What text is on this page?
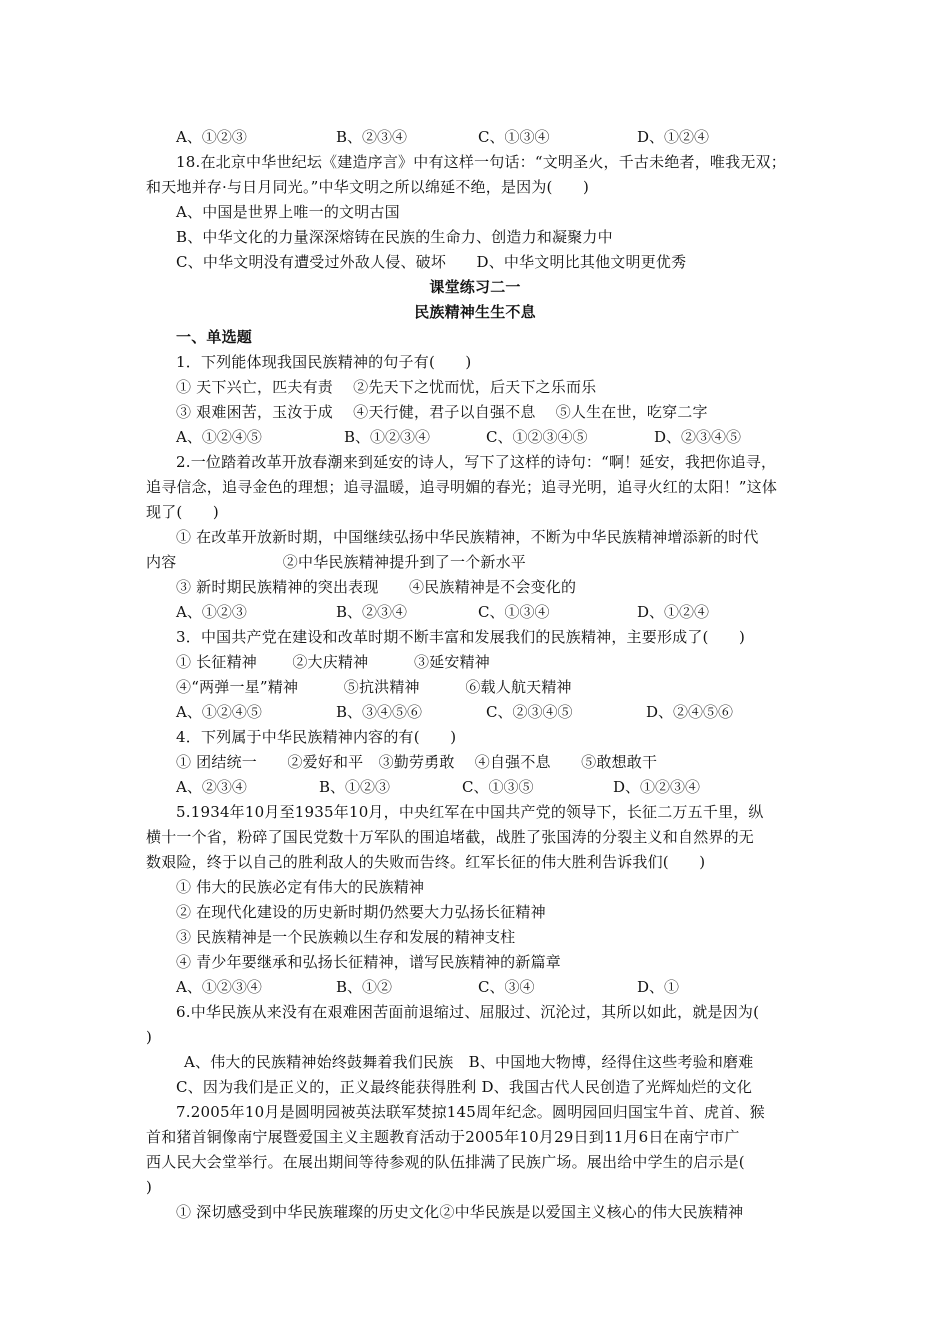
A、①②③

	B、②③④

	C、①③④

	D、①②④

18.在北京中华世纪坛《建造序言》中有这样一句话：“文明圣火，千古未绝者，唯我无双；
和天地并存·与日月同光。”中华文明之所以绵延不绝，是因为(　　)
A、中国是世界上唯一的文明古国
B、中华文化的力量深深熔铸在民族的生命力、创造力和凝聚力中
C、中华文明没有遭受过外敌人侵、破坏　　D、中华文明比其他文明更优秀
课堂练习二一
民族精神生生不息
一、单选题
1．下列能体现我国民族精神的句子有(　　)
① 天下兴亡，匹夫有责　 ②先天下之忧而忧，后天下之乐而乐
③ 艰难困苦，玉汝于成　 ④天行健，君子以自强不息　 ⑤人生在世，吃穿二字

A、①②④⑤

	B、①②③④

	C、①②③④⑤

	D、②③④⑤

2.一位踏着改革开放春潮来到延安的诗人，写下了这样的诗句：“啊！延安，我把你追寻，
追寻信念，追寻金色的理想；追寻温暖，追寻明媚的春光；追寻光明，追寻火红的太阳！”这体
现了(　　)
① 在改革开放新时期，中国继续弘扬中华民族精神，不断为中华民族精神增添新的时代
内容　　　　　　　②中华民族精神提升到了一个新水平
③ 新时期民族精神的突出表现　　④民族精神是不会变化的

A、①②③

	B、②③④

	C、①③④

	D、①②④

3．中国共产党在建设和改革时期不断丰富和发展我们的民族精神，主要形成了(　　)
① 长征精神　　 ②大庆精神　　　③延安精神
④“两弹一星”精神　　　⑤抗洪精神　　　⑥载人航天精神

A、①②④⑤

	B、③④⑤⑥

	C、②③④⑤

	D、②④⑤⑥

4．下列属于中华民族精神内容的有(　　)
① 团结统一　　②爱好和平　③勤劳勇敢　 ④自强不息　　⑤敢想敢干

A、②③④

	B、①②③

	C、①③⑤

	D、①②③④

5.1934年10月至1935年10月，中央红军在中国共产党的领导下，长征二万五千里，纵
横十一个省，粉碎了国民党数十万军队的围追堵截，战胜了张国涛的分裂主义和自然界的无
数艰险，终于以自己的胜利敌人的失败而告终。红军长征的伟大胜利告诉我们(　　)
① 伟大的民族必定有伟大的民族精神
② 在现代化建设的历史新时期仍然要大力弘扬长征精神
③ 民族精神是一个民族赖以生存和发展的精神支柱
④ 青少年要继承和弘扬长征精神，谱写民族精神的新篇章

A、①②③④

	B、①②

	C、③④

	D、①

6.中华民族从来没有在艰难困苦面前退缩过、屈服过、沉沦过，其所以如此，就是因为(
)
A、伟大的民族精神始终鼓舞着我们民族　B、中国地大物博，经得住这些考验和磨难
C、因为我们是正义的，正义最终能获得胜利 D、我国古代人民创造了光辉灿烂的文化
7.2005年10月是圆明园被英法联军焚掠145周年纪念。圆明园回归国宝牛首、虎首、猴
首和猪首铜像南宁展暨爱国主义主题教育活动于2005年10月29日到11月6日在南宁市广
西人民大会堂举行。在展出期间等待参观的队伍排满了民族广场。展出给中学生的启示是(
)
① 深切感受到中华民族璀璨的历史文化②中华民族是以爱国主义核心的伟大民族精神
